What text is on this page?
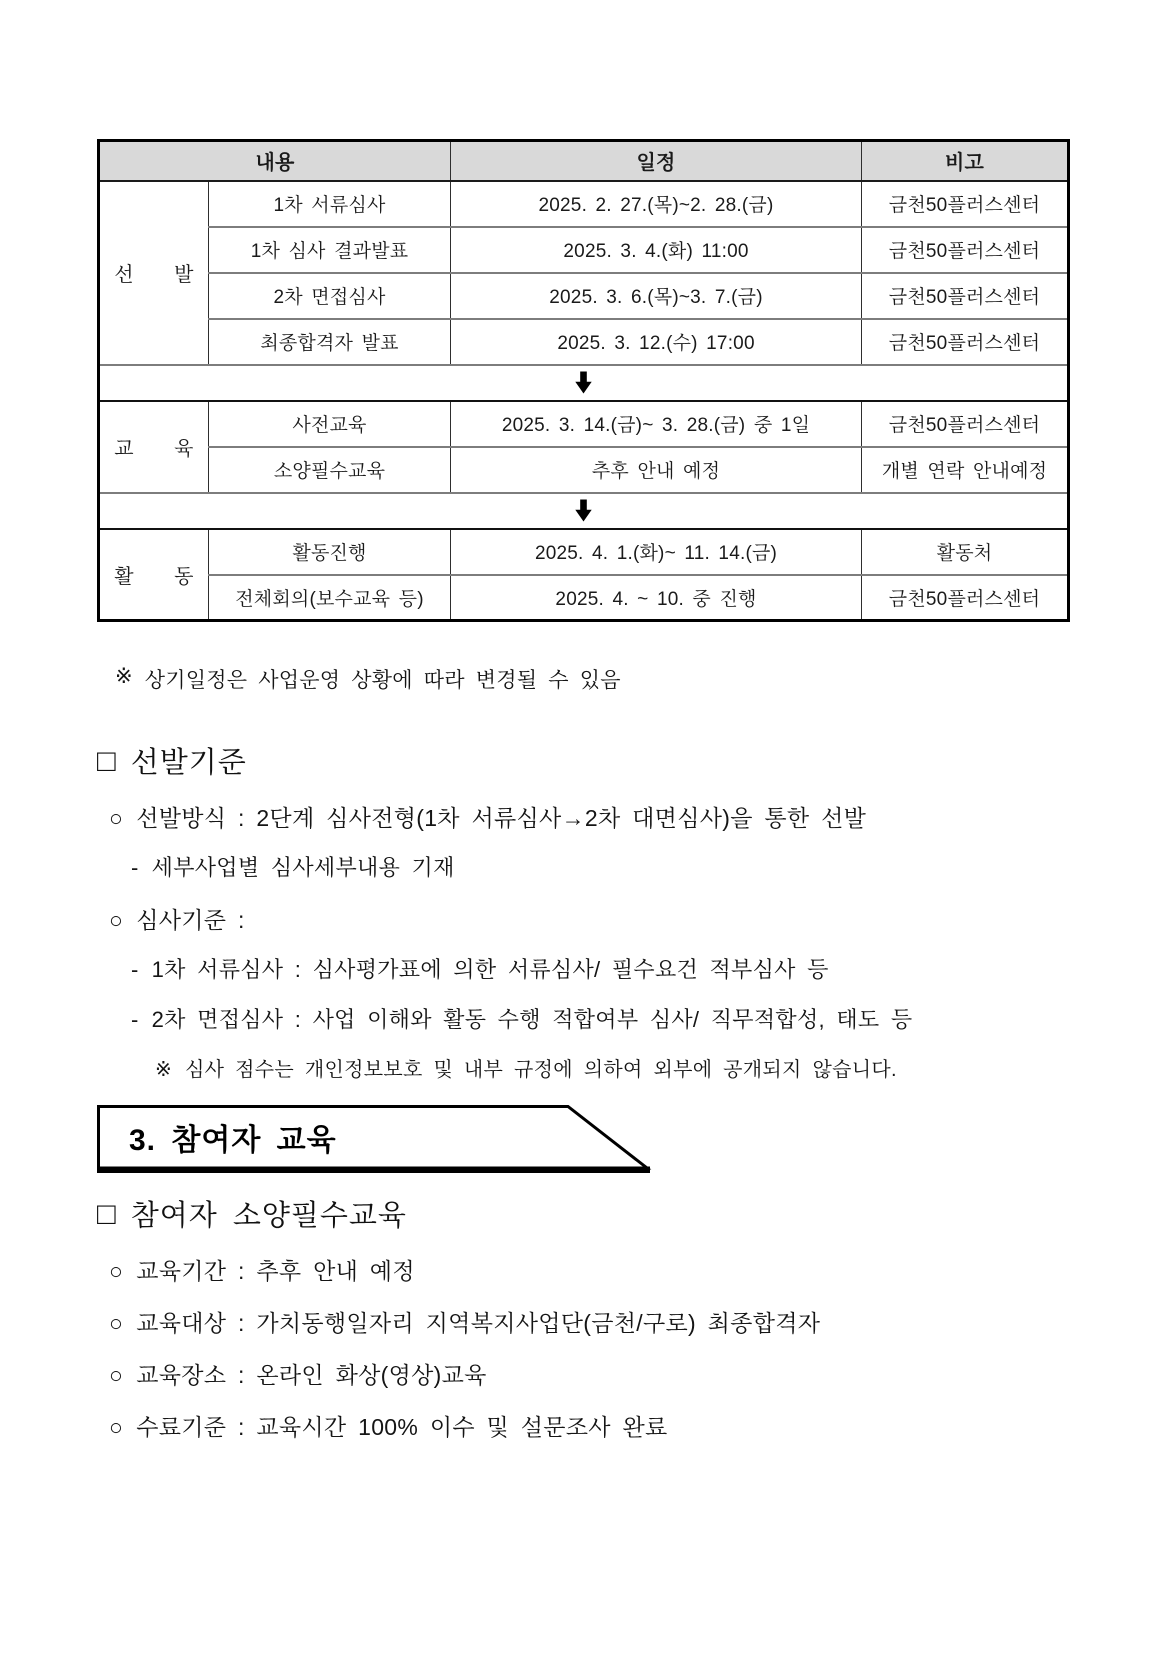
내용		일정	비고
선　　발	1차 서류심사	2025. 2. 27.(목)~2. 28.(금)	금천50플러스센터
	1차 심사 결과발표	2025. 3. 4.(화) 11:00	금천50플러스센터
	2차 면접심사	2025. 3. 6.(목)~3. 7.(금)	금천50플러스센터
	최종합격자 발표	2025. 3. 12.(수) 17:00	금천50플러스센터

교　　육	사전교육	2025. 3. 14.(금)~ 3. 28.(금) 중 1일	금천50플러스센터
	소양필수교육	추후 안내 예정	개별 연락 안내예정

활　　동	활동진행	2025. 4. 1.(화)~ 11. 14.(금)	활동처
	전체회의(보수교육 등)	2025. 4. ~ 10. 중 진행	금천50플러스센터
※ 상기일정은 사업운영 상황에 따라 변경될 수 있음
□ 선발기준
○ 선발방식 : 2단계 심사전형(1차 서류심사→2차 대면심사)을 통한 선발
- 세부사업별 심사세부내용 기재
○ 심사기준 :
- 1차 서류심사 : 심사평가표에 의한 서류심사/ 필수요건 적부심사 등
- 2차 면접심사 : 사업 이해와 활동 수행 적합여부 심사/ 직무적합성, 태도 등
※ 심사 점수는 개인정보보호 및 내부 규정에 의하여 외부에 공개되지 않습니다.
3. 참여자 교육
□ 참여자 소양필수교육
○ 교육기간 : 추후 안내 예정
○ 교육대상 : 가치동행일자리 지역복지사업단(금천/구로) 최종합격자
○ 교육장소 : 온라인 화상(영상)교육
○ 수료기준 : 교육시간 100% 이수 및 설문조사 완료
